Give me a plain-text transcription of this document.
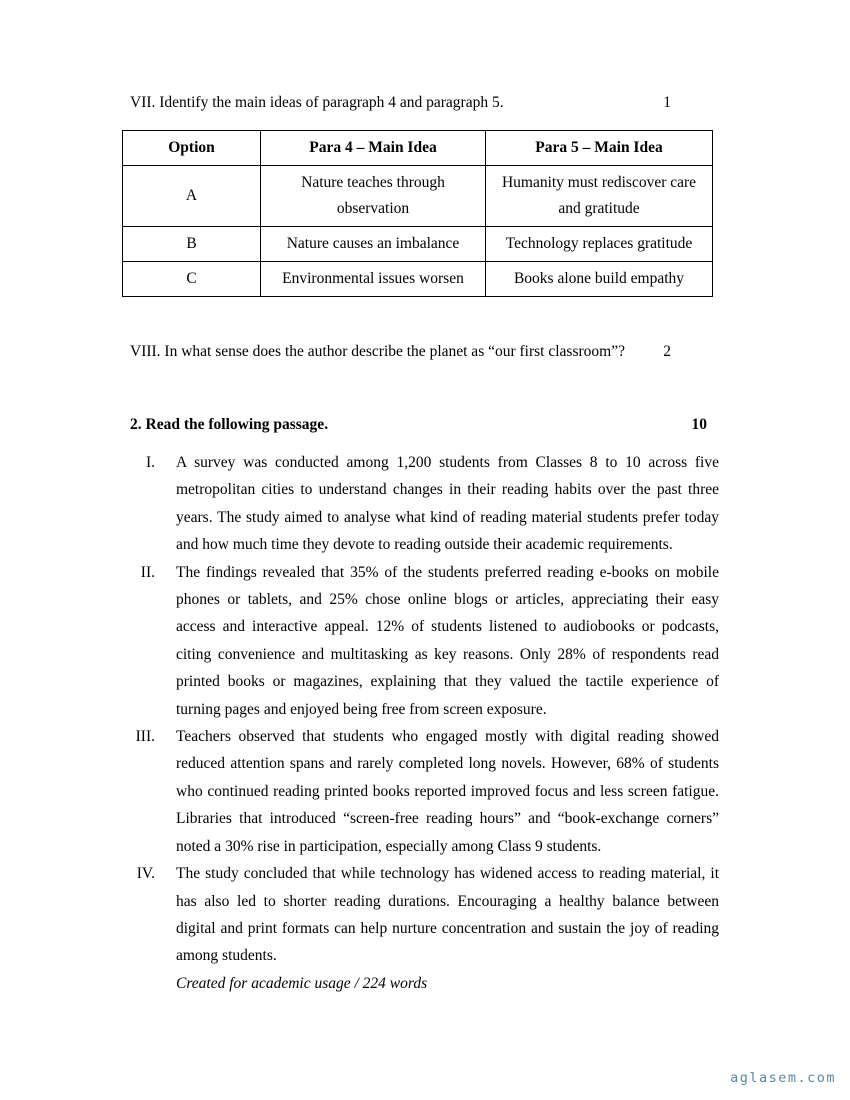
VII. Identify the main ideas of paragraph 4 and paragraph 5.	1
Option	Para 4 – Main Idea	Para 5 – Main Idea
A	Nature teaches through observation	Humanity must rediscover care and gratitude
B	Nature causes an imbalance	Technology replaces gratitude
C	Environmental issues worsen	Books alone build empathy
VIII. In what sense does the author describe the planet as “our first classroom”? 2
2. Read the following passage.	10
I. A survey was conducted among 1,200 students from Classes 8 to 10 across five metropolitan cities to understand changes in their reading habits over the past three years. The study aimed to analyse what kind of reading material students prefer today and how much time they devote to reading outside their academic requirements.
II. The findings revealed that 35% of the students preferred reading e-books on mobile phones or tablets, and 25% chose online blogs or articles, appreciating their easy access and interactive appeal. 12% of students listened to audiobooks or podcasts, citing convenience and multitasking as key reasons. Only 28% of respondents read printed books or magazines, explaining that they valued the tactile experience of turning pages and enjoyed being free from screen exposure.
III. Teachers observed that students who engaged mostly with digital reading showed reduced attention spans and rarely completed long novels. However, 68% of students who continued reading printed books reported improved focus and less screen fatigue. Libraries that introduced “screen-free reading hours” and “book-exchange corners” noted a 30% rise in participation, especially among Class 9 students.
IV. The study concluded that while technology has widened access to reading material, it has also led to shorter reading durations. Encouraging a healthy balance between digital and print formats can help nurture concentration and sustain the joy of reading among students.
Created for academic usage / 224 words
aglasem.com
